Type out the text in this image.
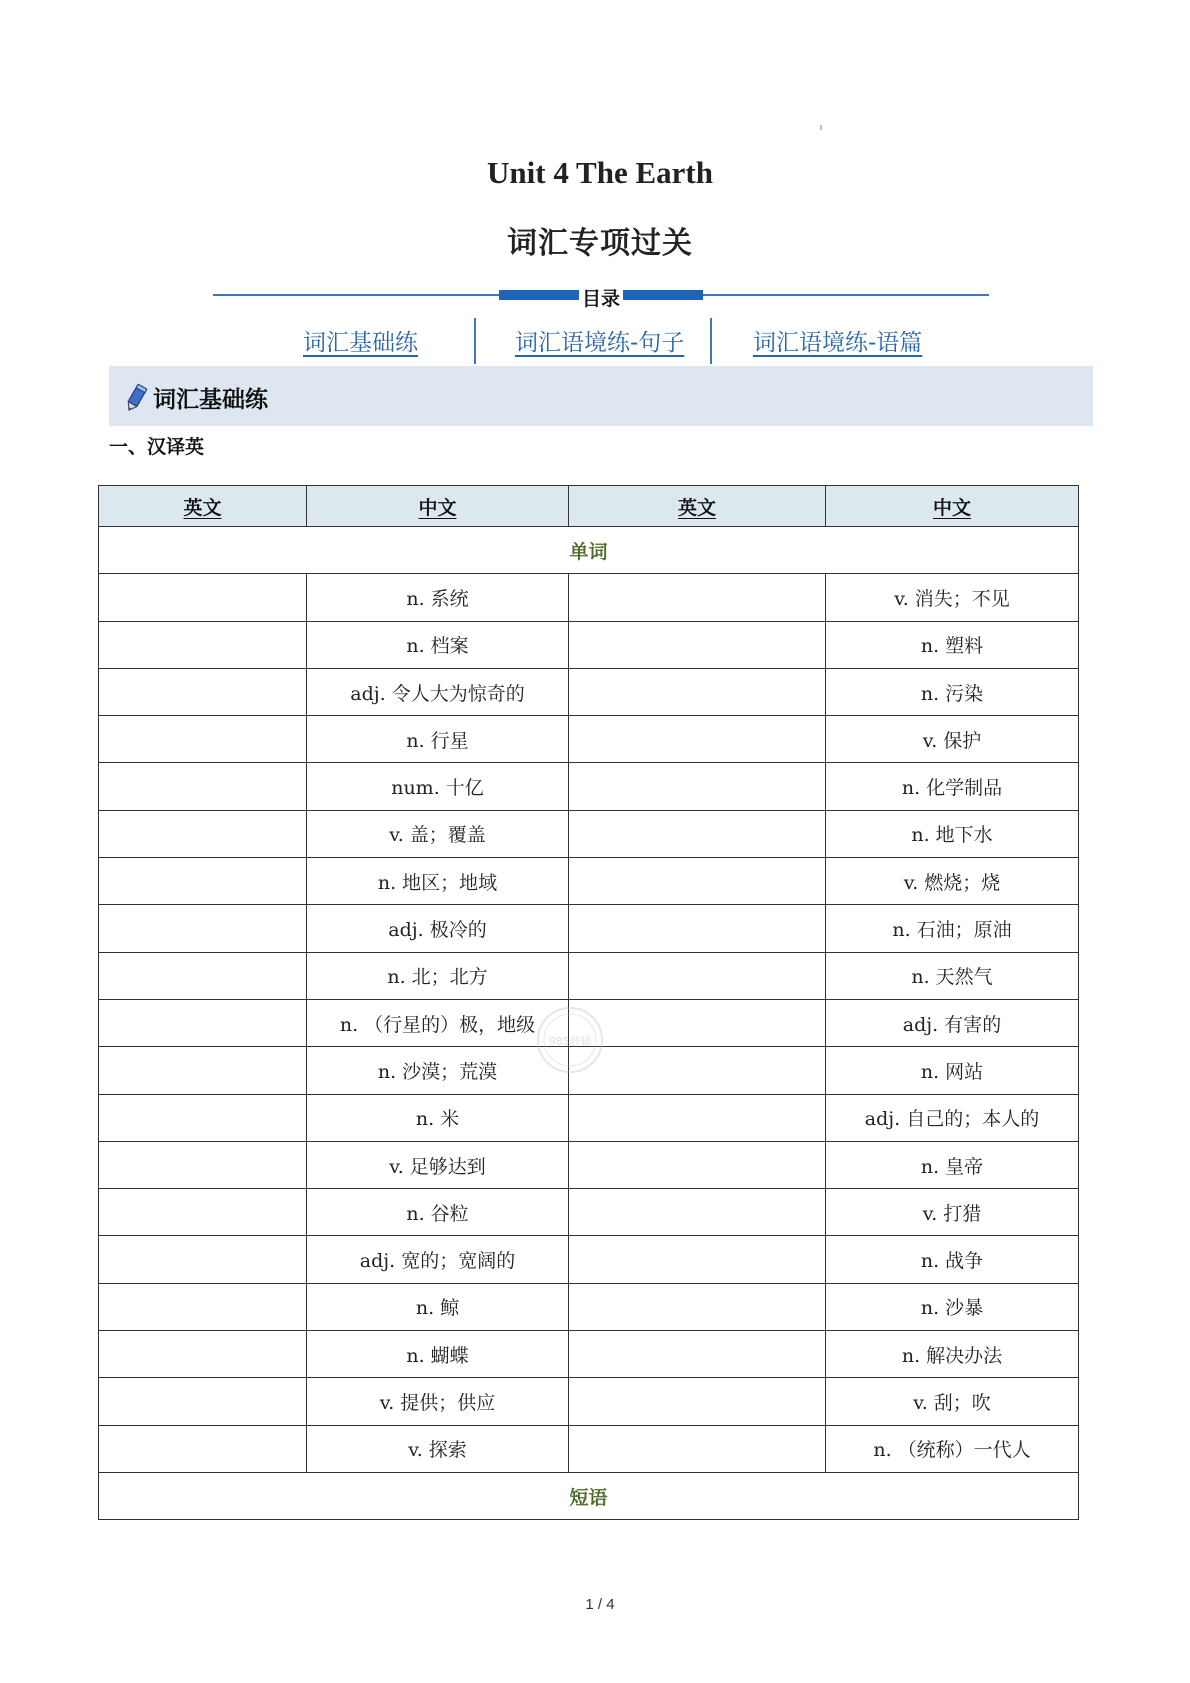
Unit 4 The Earth
词汇专项过关
目录
词汇基础练	词汇语境练-句子	词汇语境练-语篇
词汇基础练
一、汉译英
英文	中文	英文	中文
单词			
	n. 系统		v. 消失；不见
	n. 档案		n. 塑料
	adj. 令人大为惊奇的		n. 污染
	n. 行星		v. 保护
	num. 十亿		n. 化学制品
	v. 盖；覆盖		n. 地下水
	n. 地区；地域		v. 燃烧；烧
	adj. 极冷的		n. 石油；原油
	n. 北；北方		n. 天然气
	n. （行星的）极，地级		adj. 有害的
	n. 沙漠；荒漠		n. 网站
	n. 米		adj. 自己的；本人的
	v. 足够达到		n. 皇帝
	n. 谷粒		v. 打猎
	adj. 宽的；宽阔的		n. 战争
	n. 鲸		n. 沙暴
	n. 蝴蝶		n. 解决办法
	v. 提供；供应		v. 刮；吹
	v. 探索		n. （统称）一代人
短语			
985教辅
1 / 4
